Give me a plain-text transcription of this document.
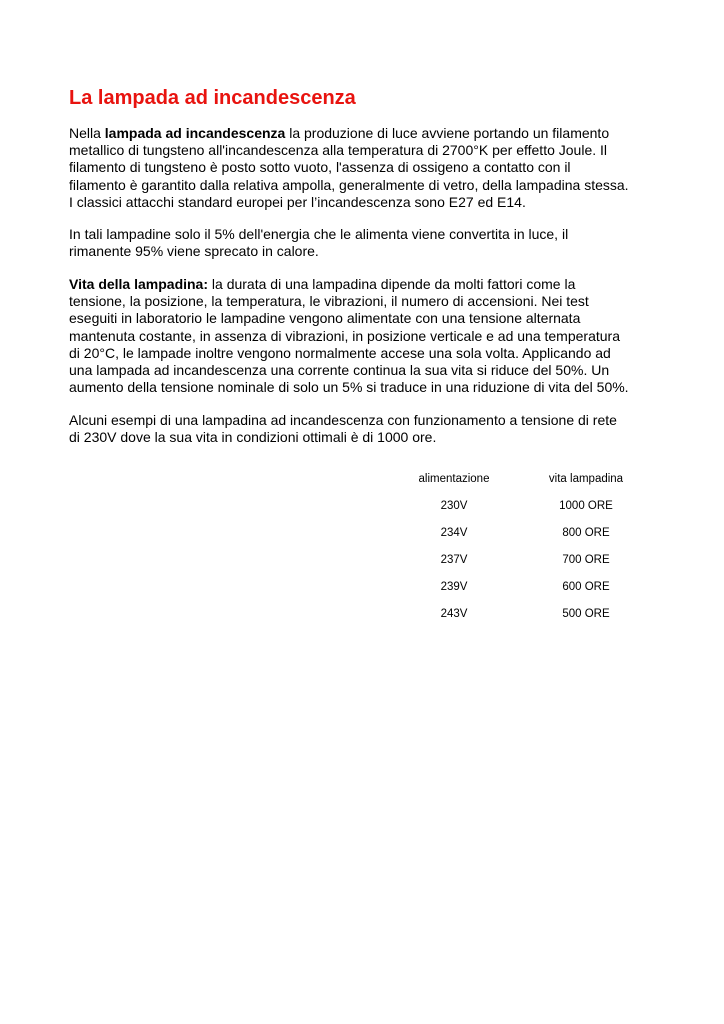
La lampada ad incandescenza

Nella lampada ad incandescenza la produzione di luce avviene portando un filamento
metallico di tungsteno all'incandescenza alla temperatura di 2700°K per effetto Joule. Il
filamento di tungsteno è posto sotto vuoto, l'assenza di ossigeno a contatto con il
filamento è garantito dalla relativa ampolla, generalmente di vetro, della lampadina stessa.
I classici attacchi standard europei per l’incandescenza sono E27 ed E14.

In tali lampadine solo il 5% dell'energia che le alimenta viene convertita in luce, il
rimanente 95% viene sprecato in calore.

Vita della lampadina: la durata di una lampadina dipende da molti fattori come la
tensione, la posizione, la temperatura, le vibrazioni, il numero di accensioni. Nei test
eseguiti in laboratorio le lampadine vengono alimentate con una tensione alternata
mantenuta costante, in assenza di vibrazioni, in posizione verticale e ad una temperatura
di 20°C, le lampade inoltre vengono normalmente accese una sola volta. Applicando ad
una lampada ad incandescenza una corrente continua la sua vita si riduce del 50%. Un
aumento della tensione nominale di solo un 5% si traduce in una riduzione di vita del 50%.

Alcuni esempi di una lampadina ad incandescenza con funzionamento a tensione di rete
di 230V dove la sua vita in condizioni ottimali è di 1000 ore.

alimentazione	vita lampadina
230V	1000 ORE
234V	800 ORE
237V	700 ORE
239V	600 ORE
243V	500 ORE
